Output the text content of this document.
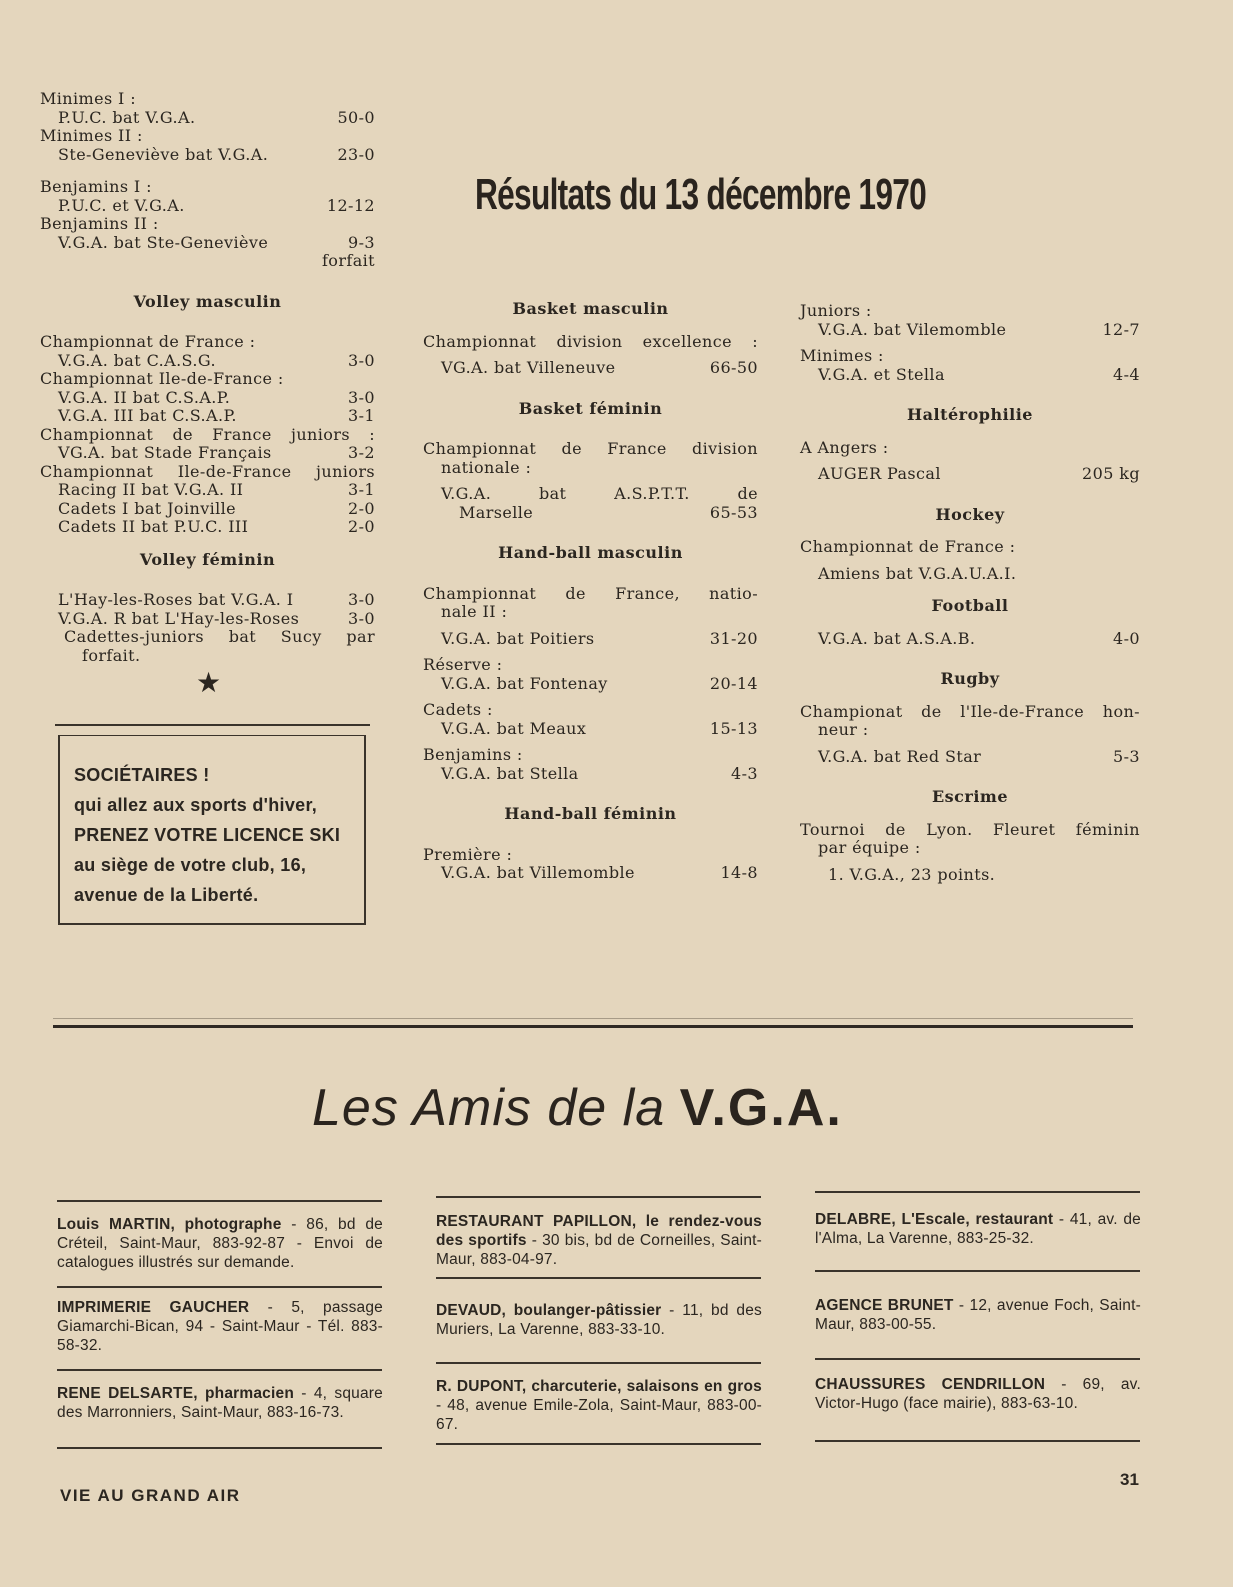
Minimes I :
P.U.C. bat V.G.A.	50-0
Minimes II :
Ste-Geneviève bat V.G.A.	23-0
Benjamins I :
P.U.C. et V.G.A.	12-12
Benjamins II :
V.G.A. bat Ste-Geneviève	9-3
forfait
Volley masculin
Championnat de France :
V.G.A. bat C.A.S.G.	3-0
Championnat Ile-de-France :
V.G.A. II bat C.S.A.P.	3-0
V.G.A. III bat C.S.A.P.	3-1
Championnat de France juniors :
VG.A. bat Stade Français	3-2
Championnat Ile-de-France juniors
Racing II bat V.G.A. II	3-1
Cadets I bat Joinville	2-0
Cadets II bat P.U.C. III	2-0
Volley féminin
L'Hay-les-Roses bat V.G.A. I	3-0
V.G.A. R bat L'Hay-les-Roses	3-0
Cadettes-juniors bat Sucy par
forfait.
★
SOCIÉTAIRES !
qui allez aux sports d'hiver,
PRENEZ VOTRE LICENCE SKI
au siège de votre club, 16,
avenue de la Liberté.
Résultats du 13 décembre 1970
Basket masculin
Championnat division excellence :
VG.A. bat Villeneuve	66-50
Basket féminin
Championnat de France division
nationale :
V.G.A. bat A.S.P.T.T. de
Marselle	65-53
Hand-ball masculin
Championnat de France, natio-
nale II :
V.G.A. bat Poitiers	31-20
Réserve :
V.G.A. bat Fontenay	20-14
Cadets :
V.G.A. bat Meaux	15-13
Benjamins :
V.G.A. bat Stella	4-3
Hand-ball féminin
Première :
V.G.A. bat Villemomble	14-8
Juniors :
V.G.A. bat Vilemomble	12-7
Minimes :
V.G.A. et Stella	4-4
Haltérophilie
A Angers :
AUGER Pascal	205 kg
Hockey
Championnat de France :
Amiens bat V.G.A.U.A.I.
Football
V.G.A. bat A.S.A.B.	4-0
Rugby
Championat de l'Ile-de-France hon-
neur :
V.G.A. bat Red Star	5-3
Escrime
Tournoi de Lyon. Fleuret féminin
par équipe :
1. V.G.A., 23 points.
Les Amis de la V.G.A.
Louis MARTIN, photographe - 86, bd de Créteil, Saint-Maur, 883-92-87 - Envoi de catalogues illustrés sur demande.
IMPRIMERIE GAUCHER - 5, passage Giamarchi-Bican, 94 - Saint-Maur - Tél. 883-58-32.
RENE DELSARTE, pharmacien - 4, square des Marronniers, Saint-Maur, 883-16-73.
RESTAURANT PAPILLON, le rendez-vous des sportifs - 30 bis, bd de Corneilles, Saint-Maur, 883-04-97.
DEVAUD, boulanger-pâtissier - 11, bd des Muriers, La Varenne, 883-33-10.
R. DUPONT, charcuterie, salaisons en gros - 48, avenue Emile-Zola, Saint-Maur, 883-00-67.
DELABRE, L'Escale, restaurant - 41, av. de l'Alma, La Varenne, 883-25-32.
AGENCE BRUNET - 12, avenue Foch, Saint-Maur, 883-00-55.
CHAUSSURES CENDRILLON - 69, av. Victor-Hugo (face mairie), 883-63-10.
VIE AU GRAND AIR
31
